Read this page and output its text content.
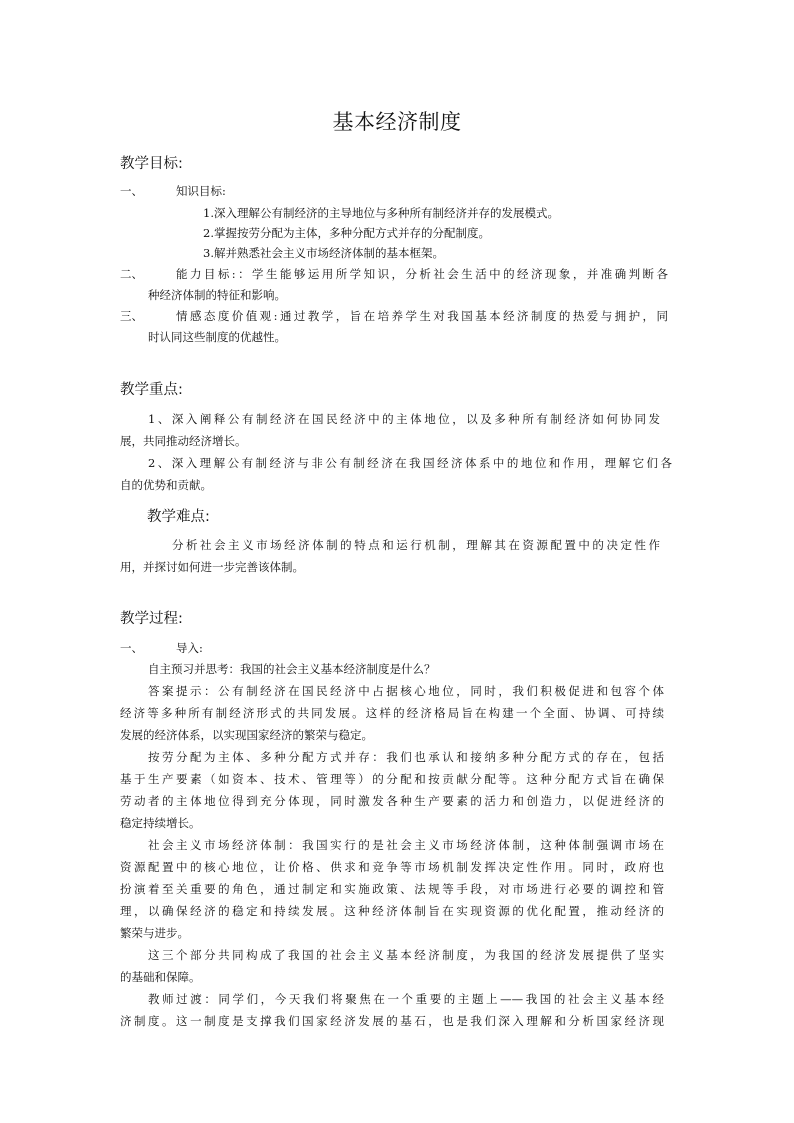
基本经济制度
教学目标:
一、	知识目标:

1.深入理解公有制经济的主导地位与多种所有制经济并存的发展模式。

2.掌握按劳分配为主体，多种分配方式并存的分配制度。

3.解并熟悉社会主义市场经济体制的基本框架。

二、	能力目标:：学生能够运用所学知识，分析社会生活中的经济现象，并准确判断各

种经济体制的特征和影响。

三、	情感态度价值观:通过教学，旨在培养学生对我国基本经济制度的热爱与拥护，同

时认同这些制度的优越性。

教学重点:

1、深入阐释公有制经济在国民经济中的主体地位，以及多种所有制经济如何协同发

展，共同推动经济增长。

2、深入理解公有制经济与非公有制经济在我国经济体系中的地位和作用，理解它们各

自的优势和贡献。

教学难点:

分析社会主义市场经济体制的特点和运行机制，理解其在资源配置中的决定性作

用，并探讨如何进一步完善该体制。

教学过程:
一、	导入:

自主预习并思考：我国的社会主义基本经济制度是什么？

答案提示：公有制经济在国民经济中占据核心地位，同时，我们积极促进和包容个体

经济等多种所有制经济形式的共同发展。这样的经济格局旨在构建一个全面、协调、可持续

发展的经济体系，以实现国家经济的繁荣与稳定。

按劳分配为主体、多种分配方式并存：我们也承认和接纳多种分配方式的存在，包括

基于生产要素（如资本、技术、管理等）的分配和按贡献分配等。这种分配方式旨在确保

劳动者的主体地位得到充分体现，同时激发各种生产要素的活力和创造力，以促进经济的

稳定持续增长。

社会主义市场经济体制：我国实行的是社会主义市场经济体制，这种体制强调市场在

资源配置中的核心地位，让价格、供求和竞争等市场机制发挥决定性作用。同时，政府也

扮演着至关重要的角色，通过制定和实施政策、法规等手段，对市场进行必要的调控和管

理，以确保经济的稳定和持续发展。这种经济体制旨在实现资源的优化配置，推动经济的

繁荣与进步。

这三个部分共同构成了我国的社会主义基本经济制度，为我国的经济发展提供了坚实

的基础和保障。

教师过渡：同学们，今天我们将聚焦在一个重要的主题上——我国的社会主义基本经

济制度。这一制度是支撑我们国家经济发展的基石，也是我们深入理解和分析国家经济现
